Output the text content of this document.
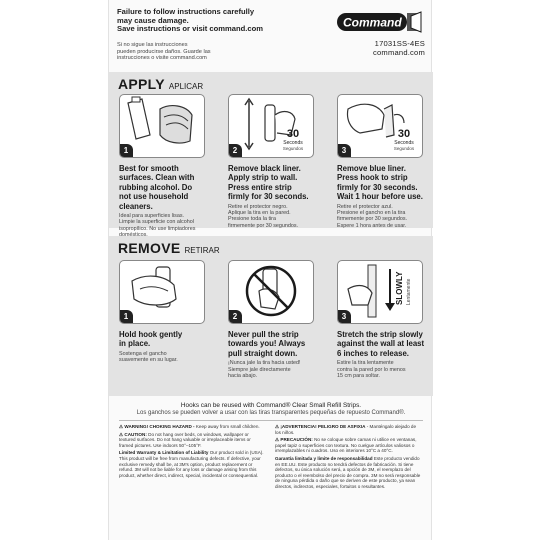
Failure to follow instructions carefully
may cause damage.
Save instructions or visit command.com
Si no sigue las instrucciones
pueden producirse daños. Guarde las
instrucciones o visite command.com
Command
17031SS-4ES
command.com
APPLY APLICAR
1
30
Seconds
Segundos
2
30
Seconds
Segundos
3
Best for smooth
surfaces. Clean with
rubbing alcohol. Do
not use household cleaners.
Ideal para superficies lisas.
Limpie la superficie con alcohol
isopropílico. No use limpiadores
Remove black liner.
Apply strip to wall.
Press entire strip
firmly for 30 seconds.
Retire el protector negro.
Aplique la tira en la pared.
Presione toda la tira
firmemente por 30 segundos.
Remove blue liner.
Press hook to strip
firmly for 30 seconds.
Wait 1 hour before use.
Retire el protector azul.
Presione el gancho en la tira
firmemente por 30 segundos.
Espere 1 hora antes de usar.
REMOVE RETIRAR
1	2
SLOWLY Lentamente
3
Hold hook gently
in place.
Sostenga el gancho
suavemente en su lugar.
Never pull the strip
towards you! Always
pull straight down.
¡Nunca jale la tira hacia usted!
Siempre jale directamente
hacia abajo.
Stretch the strip slowly
against the wall at least
6 inches to release.
Estire la tira lentamente
contra la pared por lo menos
15 cm para soltar.
Hooks can be reused with Command® Clear Small Refill Strips.
Los ganchos se pueden volver a usar con las tiras transparentes pequeñas de repuesto Command®.

⚠ WARNING! CHOKING HAZARD - Keep away from small children.

⚠ CAUTION: Do not hang over beds, on windows, wallpaper or textured surfaces. Do not hang valuable or irreplaceable items or framed pictures. Use indoors 50°–105°F.

Limited Warranty & Limitation of Liability Our product sold in (USA). This product will be free from manufacturing defects. If defective, your exclusive remedy shall be, at 3M's option, product replacement or refund. 3M will not be liable for any loss or damage arising from this product, whether direct, indirect, special, incidental or consequential.

⚠ ¡ADVERTENCIA! PELIGRO DE ASFIXIA - Manténgalo alejado de los niños.

⚠ PRECAUCIÓN: No se coloque sobre camas ni utilice en ventanas, papel tapiz o superficies con textura. No cuelgue artículos valiosos o irremplazables ni cuadros. Uso en interiores 10°C a 40°C.

Garantía limitada y límite de responsabilidad Este producto vendido en EE.UU. Este producto no tendrá defectos de fabricación. Si tiene defectos, su única solución será, a opción de 3M, el reemplazo del producto o el reembolso del precio de compra. 3M no será responsable de ninguna pérdida o daño que se deriven de este producto, ya sean directos, indirectos, especiales, fortuitos o resultantes.
